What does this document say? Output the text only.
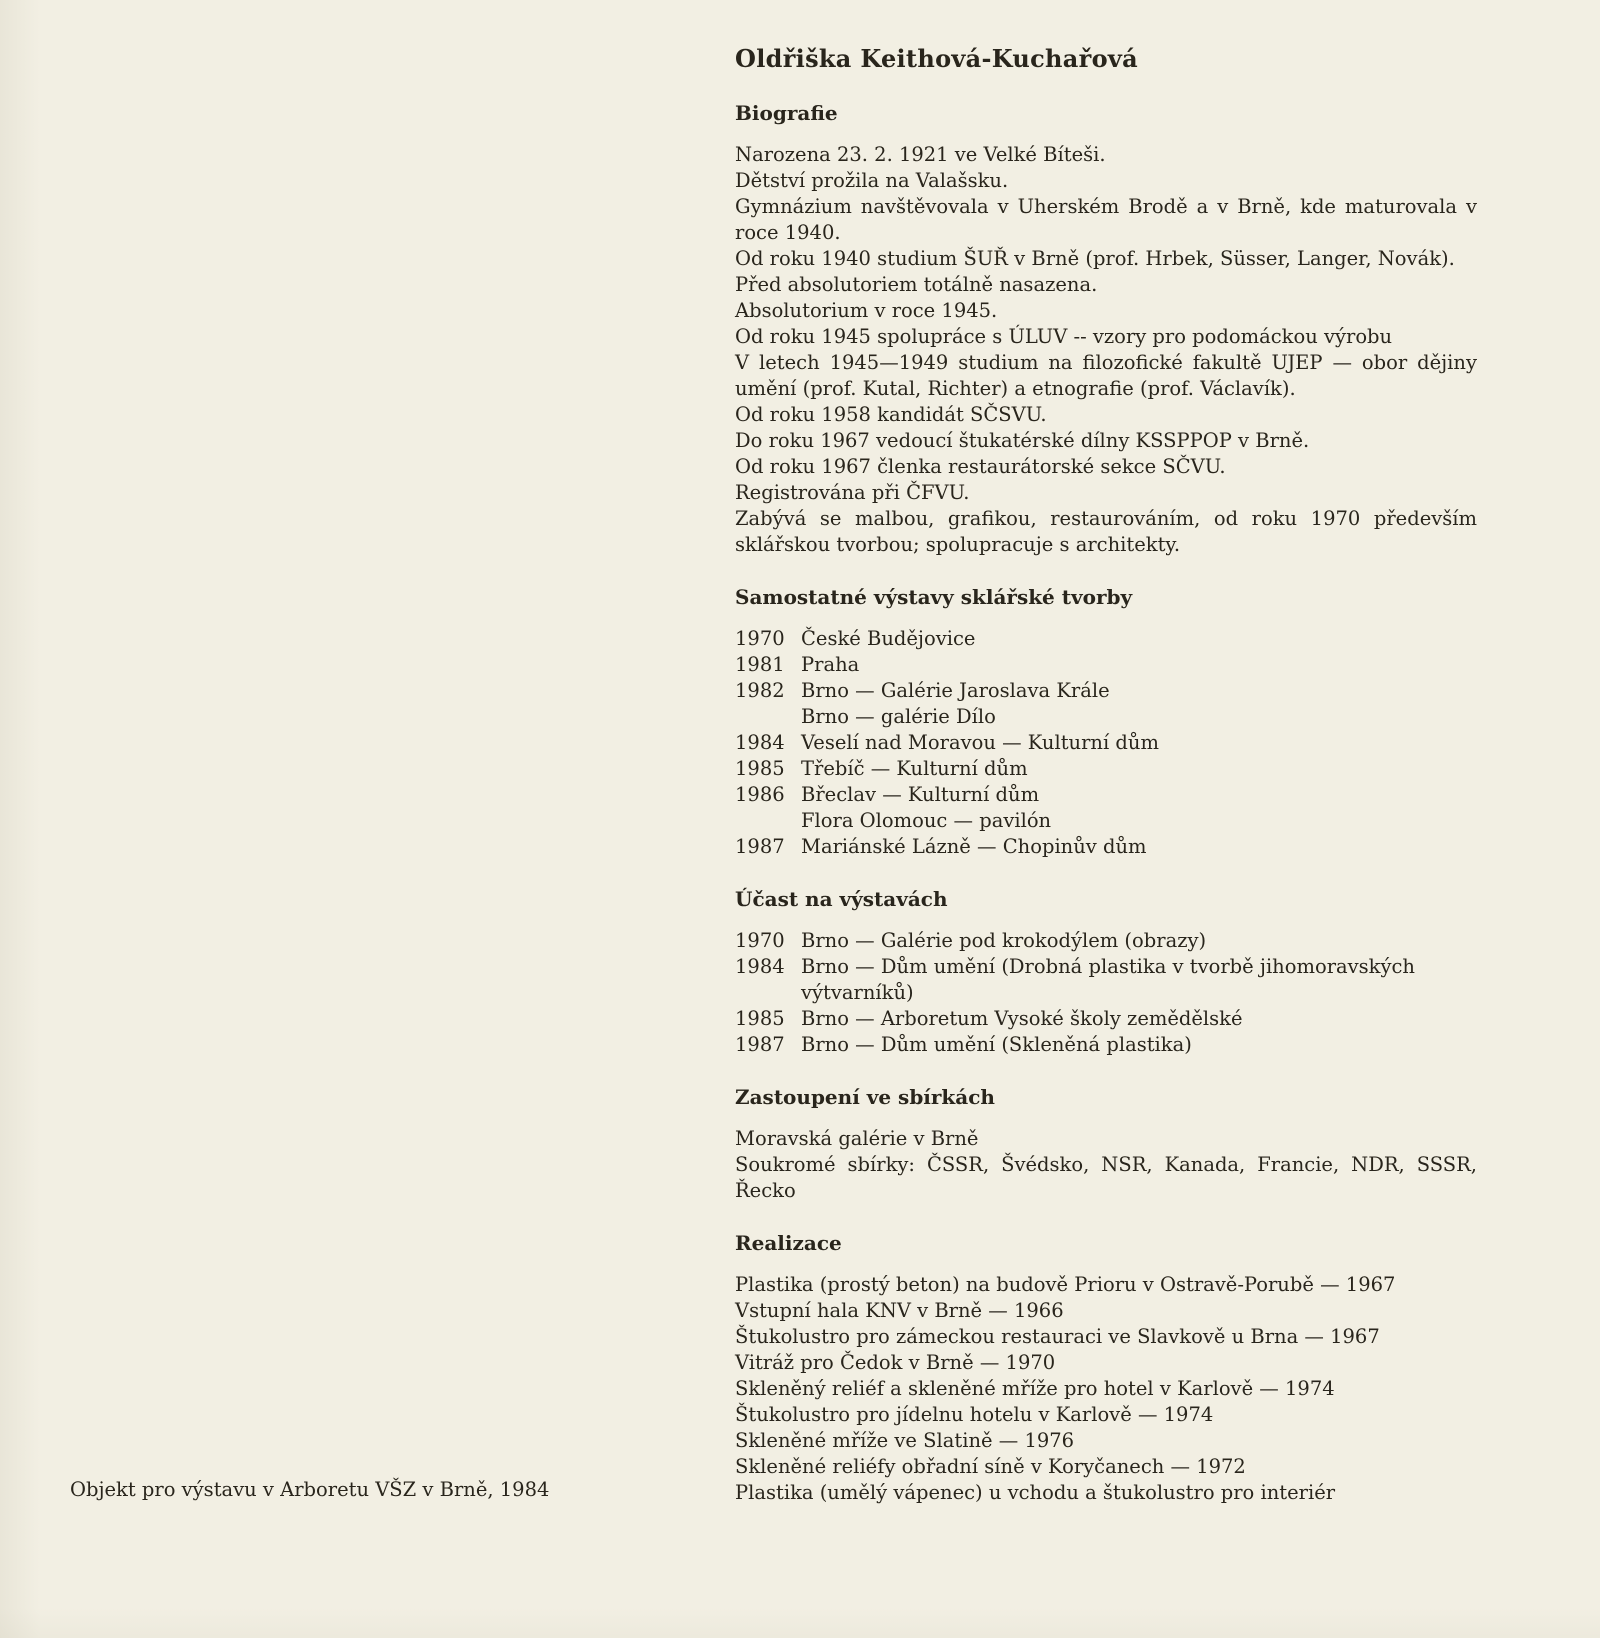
Oldřiška Keithová-Kuchařová
Biografie

Narozena 23. 2. 1921 ve Velké Bíteši.

Dětství prožila na Valašsku.

Gymnázium navštěvovala v Uherském Brodě a v Brně, kde maturovala v roce 1940.

Od roku 1940 studium ŠUŘ v Brně (prof. Hrbek, Süsser, Langer, Novák).

Před absolutoriem totálně nasazena.

Absolutorium v roce 1945.

Od roku 1945 spolupráce s ÚLUV -- vzory pro podomáckou výrobu

V letech 1945—1949 studium na filozofické fakultě UJEP — obor dějiny umění (prof. Kutal, Richter) a etnografie (prof. Václavík).

Od roku 1958 kandidát SČSVU.

Do roku 1967 vedoucí štukatérské dílny KSSPPOP v Brně.

Od roku 1967 členka restaurátorské sekce SČVU.

Registrována při ČFVU.

Zabývá se malbou, grafikou, restaurováním, od roku 1970 především sklářskou tvorbou; spolupracuje s architekty.

Samostatné výstavy sklářské tvorby
1970 České Budějovice
1981 Praha
1982 Brno — Galérie Jaroslava Krále
Brno — galérie Dílo
1984 Veselí nad Moravou — Kulturní dům
1985 Třebíč — Kulturní dům
1986 Břeclav — Kulturní dům
Flora Olomouc — pavilón
1987 Mariánské Lázně — Chopinův dům
Účast na výstavách
1970 Brno — Galérie pod krokodýlem (obrazy)
1984 Brno — Dům umění (Drobná plastika v tvorbě jihomoravských výtvarníků)
1985 Brno — Arboretum Vysoké školy zemědělské
1987 Brno — Dům umění (Skleněná plastika)
Zastoupení ve sbírkách

Moravská galérie v Brně

Soukromé sbírky: ČSSR, Švédsko, NSR, Kanada, Francie, NDR, SSSR, Řecko

Realizace

Plastika (prostý beton) na budově Prioru v Ostravě-Porubě — 1967

Vstupní hala KNV v Brně — 1966

Štukolustro pro zámeckou restauraci ve Slavkově u Brna — 1967

Vitráž pro Čedok v Brně — 1970

Skleněný reliéf a skleněné mříže pro hotel v Karlově — 1974

Štukolustro pro jídelnu hotelu v Karlově — 1974

Skleněné mříže ve Slatině — 1976

Skleněné reliéfy obřadní síně v Koryčanech — 1972

Plastika (umělý vápenec) u vchodu a štukolustro pro interiér

Objekt pro výstavu v Arboretu VŠZ v Brně, 1984
